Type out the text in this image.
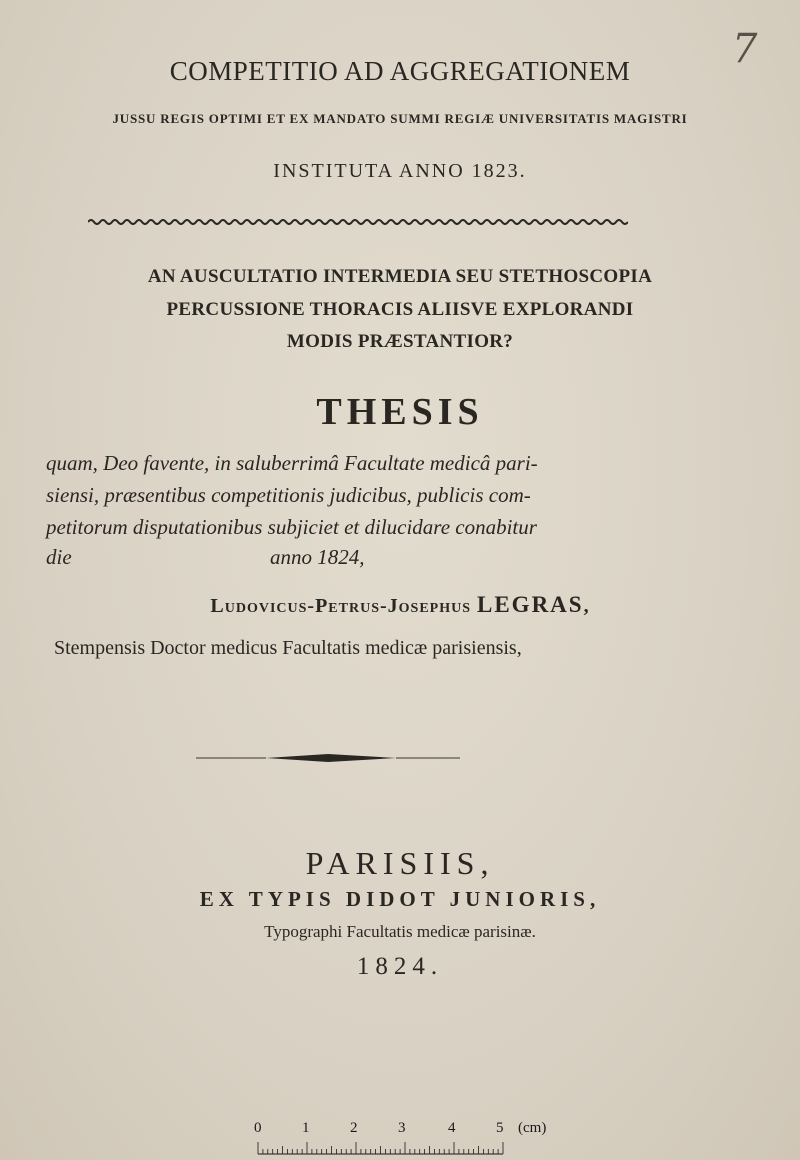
7
COMPETITIO AD AGGREGATIONEM
JUSSU REGIS OPTIMI ET EX MANDATO SUMMI REGIÆ UNIVERSITATIS MAGISTRI
INSTITUTA ANNO 1823.
AN AUSCULTATIO INTERMEDIA SEU STETHOSCOPIA
PERCUSSIONE THORACIS ALIISVE EXPLORANDI
MODIS PRÆSTANTIOR?
THESIS
quam, Deo favente, in saluberrimâ Facultate medicâ pari-
siensi, præsentibus competitionis judicibus, publicis com-
petitorum disputationibus subjiciet et dilucidare conabitur
die	anno 1824,
Ludovicus-Petrus-Josephus LEGRAS,
Stempensis Doctor medicus Facultatis medicæ parisiensis,
PARISIIS,
EX TYPIS DIDOT JUNIORIS,
Typographi Facultatis medicæ parisinæ.
1824.
0	1	2	3	4	5 (cm)
